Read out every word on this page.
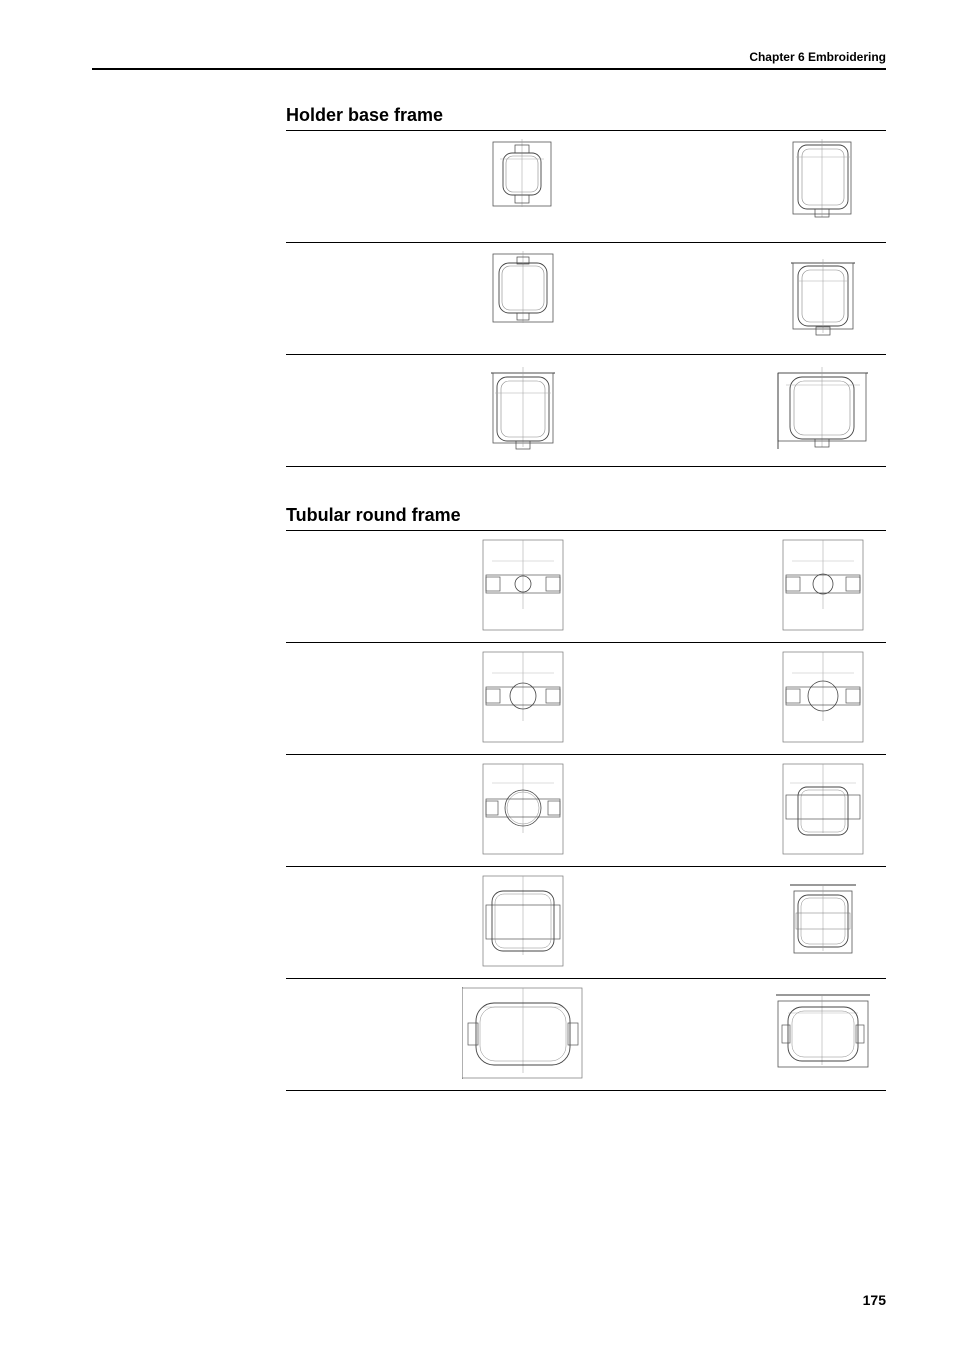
Chapter 6 Embroidering
Holder base frame
Tubular round frame
175
